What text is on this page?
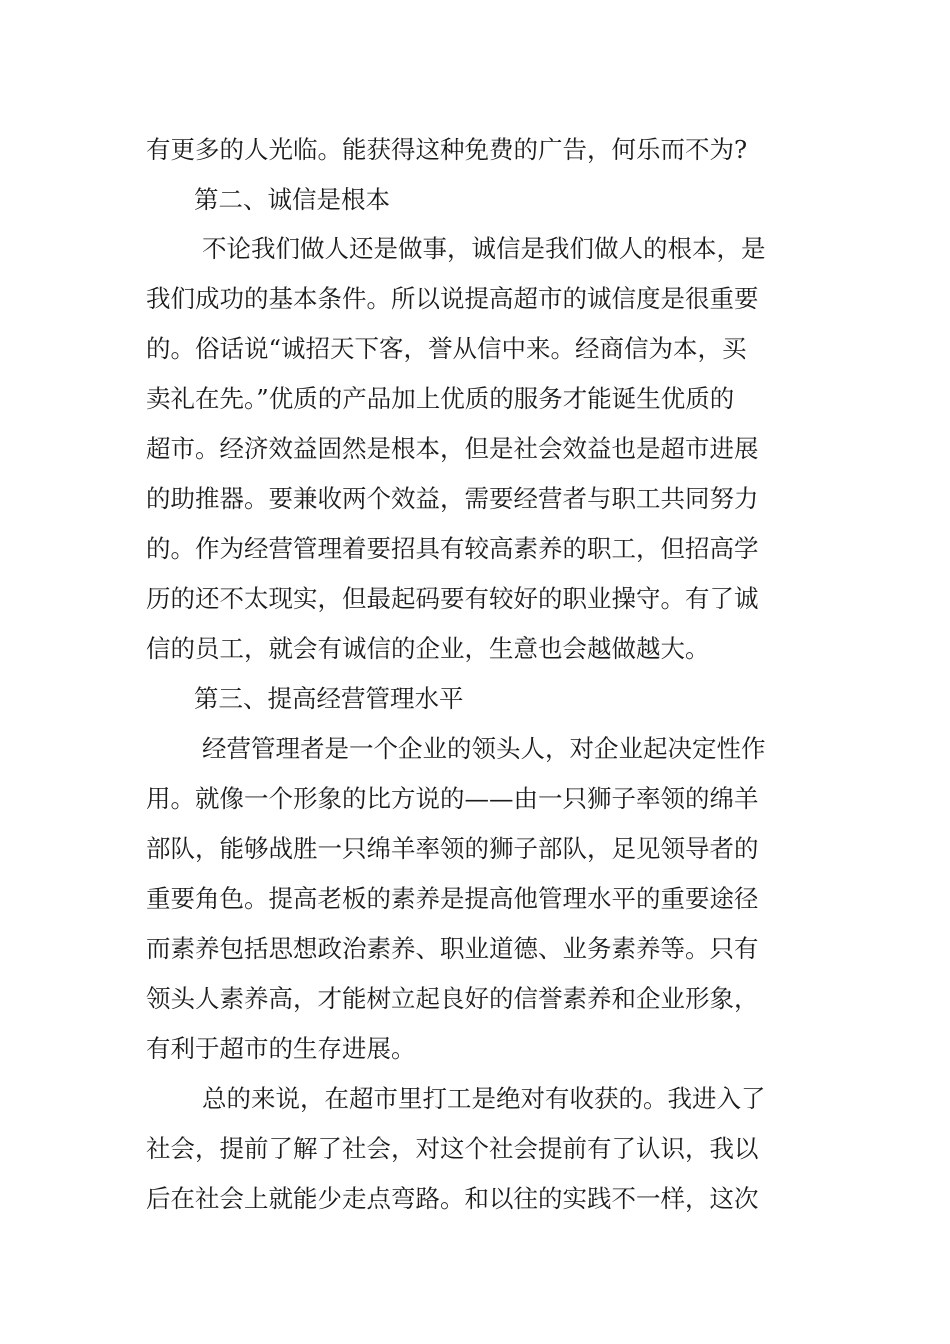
有更多的人光临。能获得这种免费的广告，何乐而不为?
第二、诚信是根本
不论我们做人还是做事，诚信是我们做人的根本，是
我们成功的基本条件。所以说提高超市的诚信度是很重要
的。俗话说“诚招天下客，誉从信中来。经商信为本，买
卖礼在先。”优质的产品加上优质的服务才能诞生优质的
超市。经济效益固然是根本，但是社会效益也是超市进展
的助推器。要兼收两个效益，需要经营者与职工共同努力
的。作为经营管理着要招具有较高素养的职工，但招高学
历的还不太现实，但最起码要有较好的职业操守。有了诚
信的员工，就会有诚信的企业，生意也会越做越大。
第三、提高经营管理水平
经营管理者是一个企业的领头人，对企业起决定性作
用。就像一个形象的比方说的——由一只狮子率领的绵羊
部队，能够战胜一只绵羊率领的狮子部队，足见领导者的
重要角色。提高老板的素养是提高他管理水平的重要途径
而素养包括思想政治素养、职业道德、业务素养等。只有
领头人素养高，才能树立起良好的信誉素养和企业形象，
有利于超市的生存进展。
总的来说，在超市里打工是绝对有收获的。我进入了
社会，提前了解了社会，对这个社会提前有了认识，我以
后在社会上就能少走点弯路。和以往的实践不一样，这次
